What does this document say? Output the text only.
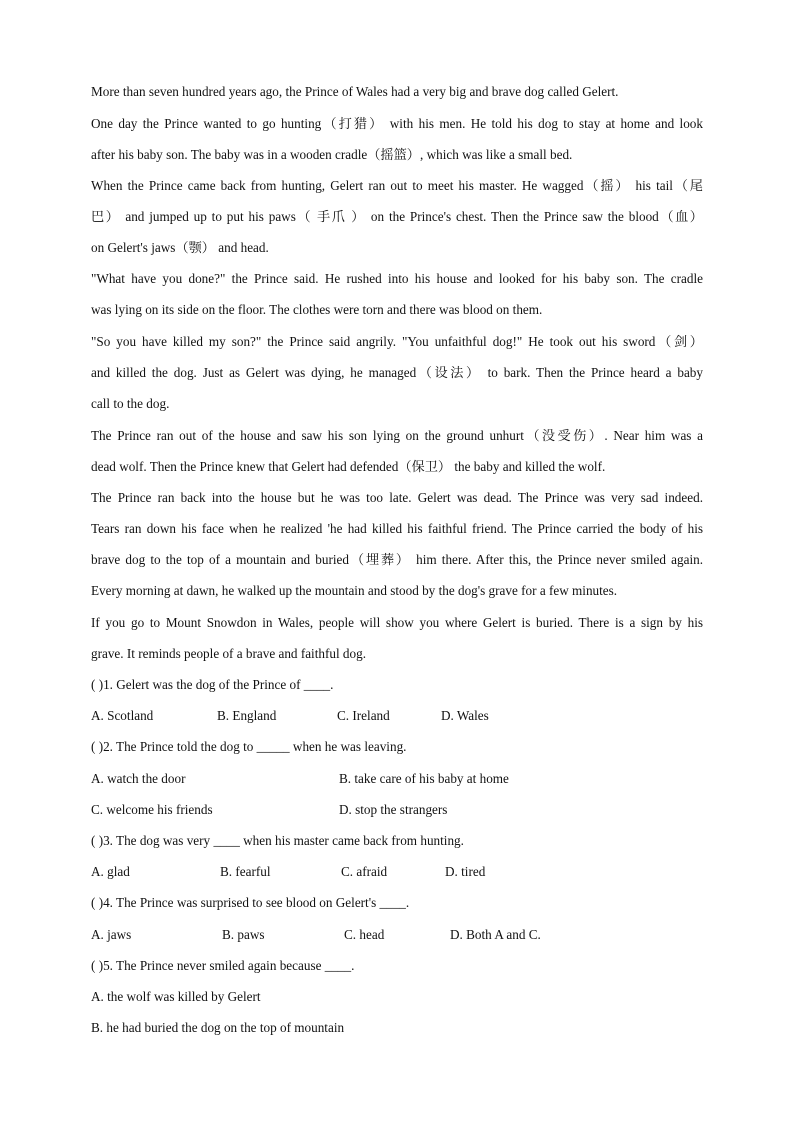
More than seven hundred years ago, the Prince of Wales had a very big and brave dog called Gelert.
One day the Prince wanted to go hunting（打猎） with his men. He told his dog to stay at home and look
after his baby son. The baby was in a wooden cradle（摇篮）, which was like a small bed.
When the Prince came back from hunting, Gelert ran out to meet his master. He wagged（摇） his tail（尾
巴） and jumped up to put his paws（ 手爪 ） on the Prince's chest. Then the Prince saw the blood（血）
on Gelert's jaws（颚） and head.
"What have you done?" the Prince said. He rushed into his house and looked for his baby son. The cradle
was lying on its side on the floor. The clothes were torn and there was blood on them.
"So you have killed my son?" the Prince said angrily. "You unfaithful dog!" He took out his sword（剑）
and killed the dog. Just as Gelert was dying, he managed（设法） to bark. Then the Prince heard a baby
call to the dog.
The Prince ran out of the house and saw his son lying on the ground unhurt（没受伤）. Near him was a
dead wolf. Then the Prince knew that Gelert had defended（保卫） the baby and killed the wolf.
The Prince ran back into the house but he was too late. Gelert was dead. The Prince was very sad indeed.
Tears ran down his face when he realized 'he had killed his faithful friend. The Prince carried the body of his
brave dog to the top of a mountain and buried（埋葬） him there. After this, the Prince never smiled again.
Every morning at dawn, he walked up the mountain and stood by the dog's grave for a few minutes.
If you go to Mount Snowdon in Wales, people will show you where Gelert is buried. There is a sign by his
grave. It reminds people of a brave and faithful dog.
( )1. Gelert was the dog of the Prince of ____.
A. Scotland	B. England	C. Ireland	D. Wales
( )2. The Prince told the dog to _____ when he was leaving.
A. watch the door	B. take care of his baby at home
C. welcome his friends	D. stop the strangers
( )3. The dog was very ____ when his master came back from hunting.
A. glad	B. fearful	C. afraid	D. tired
( )4. The Prince was surprised to see blood on Gelert's ____.
A. jaws	B. paws	C. head	D. Both A and C.
( )5. The Prince never smiled again because ____.
A. the wolf was killed by Gelert
B. he had buried the dog on the top of mountain
